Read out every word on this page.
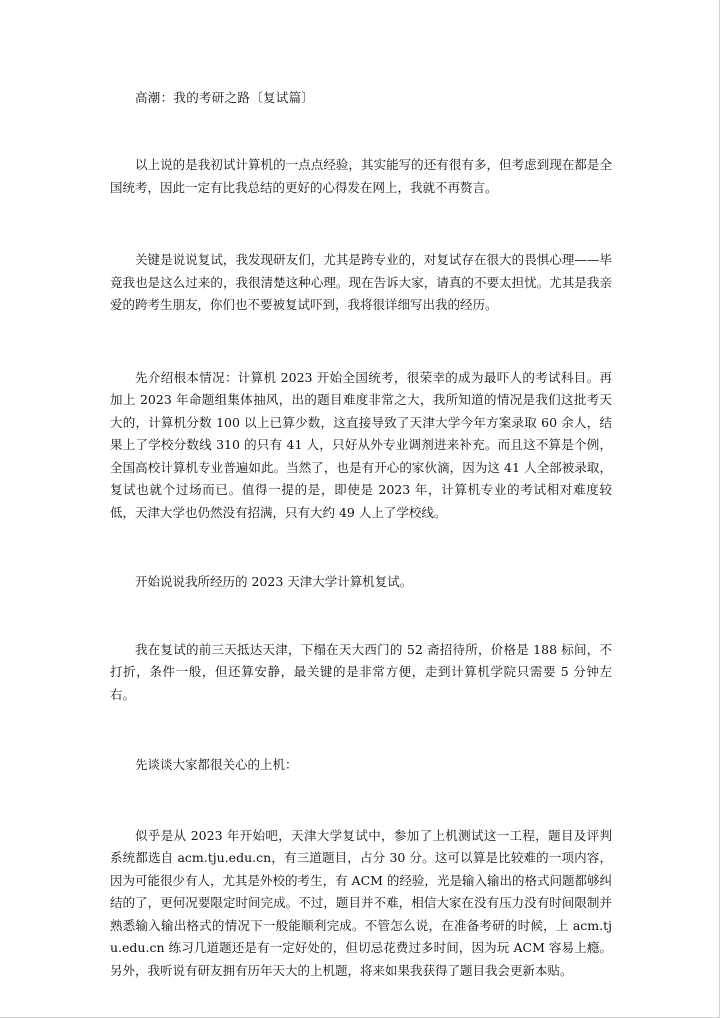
高潮：我的考研之路〔复试篇〕

以上说的是我初试计算机的一点点经验，其实能写的还有很有多，但考虑到现在都是全国统考，因此一定有比我总结的更好的心得发在网上，我就不再赘言。

关键是说说复试，我发现研友们，尤其是跨专业的，对复试存在很大的畏惧心理——毕竟我也是这么过来的，我很清楚这种心理。现在告诉大家，请真的不要太担忧。尤其是我亲爱的跨考生朋友，你们也不要被复试吓到，我将很详细写出我的经历。

先介绍根本情况：计算机 2023 开始全国统考，很荣幸的成为最吓人的考试科目。再加上 2023 年命题组集体抽风，出的题目难度非常之大，我所知道的情况是我们这批考天大的，计算机分数 100 以上已算少数，这直接导致了天津大学今年方案录取 60 余人，结果上了学校分数线 310 的只有 41 人，只好从外专业调剂进来补充。而且这不算是个例，全国高校计算机专业普遍如此。当然了，也是有开心的家伙滴，因为这 41 人全部被录取，复试也就个过场而已。值得一提的是，即使是 2023 年，计算机专业的考试相对难度较低，天津大学也仍然没有招满，只有大约 49 人上了学校线。

开始说说我所经历的 2023 天津大学计算机复试。

我在复试的前三天抵达天津，下榻在天大西门的 52 斋招待所，价格是 188 标间，不打折，条件一般，但还算安静，最关键的是非常方便，走到计算机学院只需要 5 分钟左右。

先谈谈大家都很关心的上机：

似乎是从 2023 年开始吧，天津大学复试中，参加了上机测试这一工程，题目及评判系统都选自 acm.tju.edu.cn，有三道题目，占分 30 分。这可以算是比较难的一项内容，因为可能很少有人，尤其是外校的考生，有 ACM 的经验，光是输入输出的格式问题都够纠结的了，更何况要限定时间完成。不过，题目并不难，相信大家在没有压力没有时间限制并熟悉输入输出格式的情况下一般能顺利完成。不管怎么说，在准备考研的时候，上 acm.tju.edu.cn 练习几道题还是有一定好处的，但切忌花费过多时间，因为玩 ACM 容易上瘾。另外，我听说有研友拥有历年天大的上机题，将来如果我获得了题目我会更新本贴。
